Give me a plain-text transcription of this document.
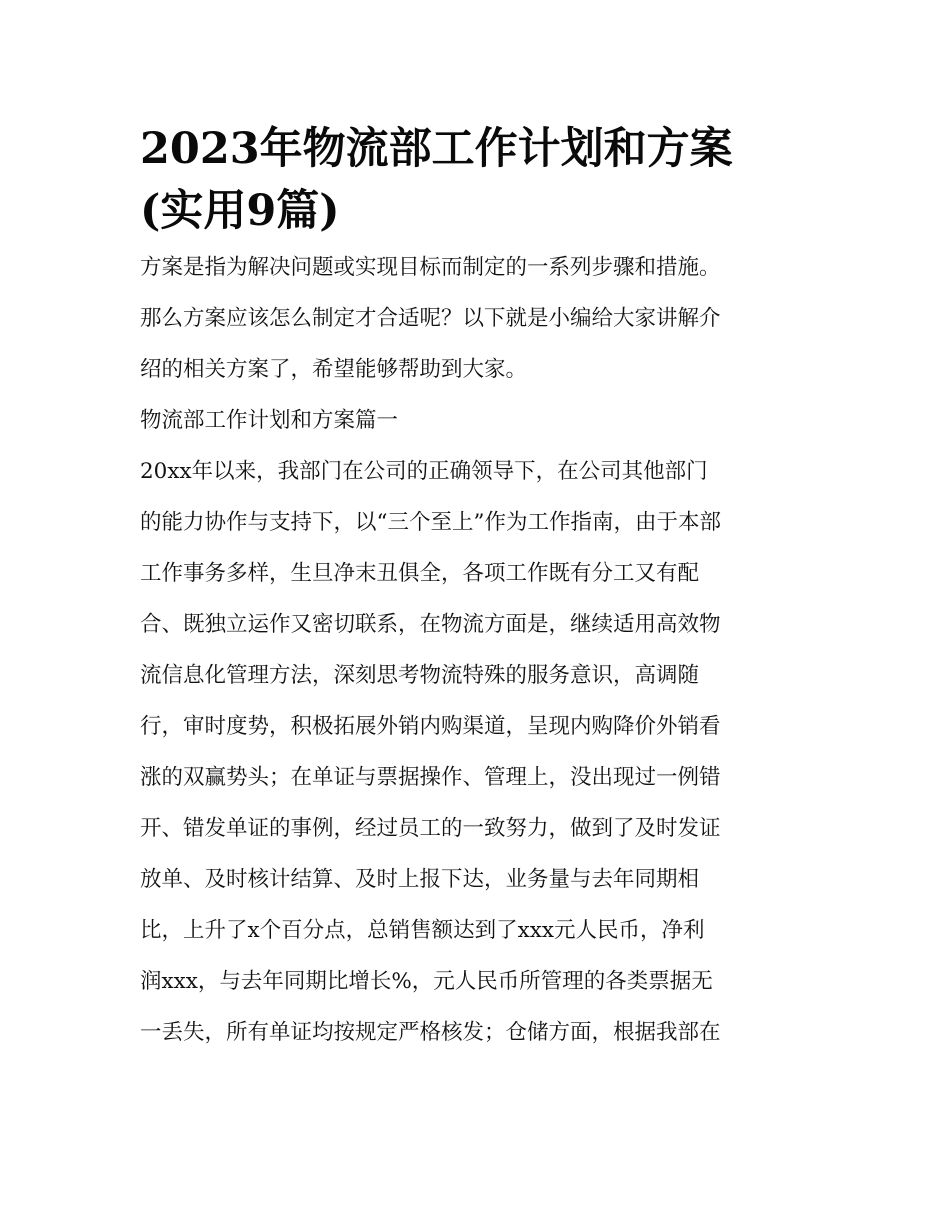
2023年物流部工作计划和方案
(实用9篇)
方案是指为解决问题或实现目标而制定的一系列步骤和措施。
那么方案应该怎么制定才合适呢？以下就是小编给大家讲解介
绍的相关方案了，希望能够帮助到大家。
物流部工作计划和方案篇一
20xx年以来，我部门在公司的正确领导下，在公司其他部门
的能力协作与支持下，以“三个至上”作为工作指南，由于本部
工作事务多样，生旦净末丑俱全，各项工作既有分工又有配
合、既独立运作又密切联系，在物流方面是，继续适用高效物
流信息化管理方法，深刻思考物流特殊的服务意识，高调随
行，审时度势，积极拓展外销内购渠道，呈现内购降价外销看
涨的双赢势头；在单证与票据操作、管理上，没出现过一例错
开、错发单证的事例，经过员工的一致努力，做到了及时发证
放单、及时核计结算、及时上报下达，业务量与去年同期相
比，上升了x个百分点，总销售额达到了xxx元人民币，净利
润xxx，与去年同期比增长%，元人民币所管理的各类票据无
一丢失，所有单证均按规定严格核发；仓储方面，根据我部在
